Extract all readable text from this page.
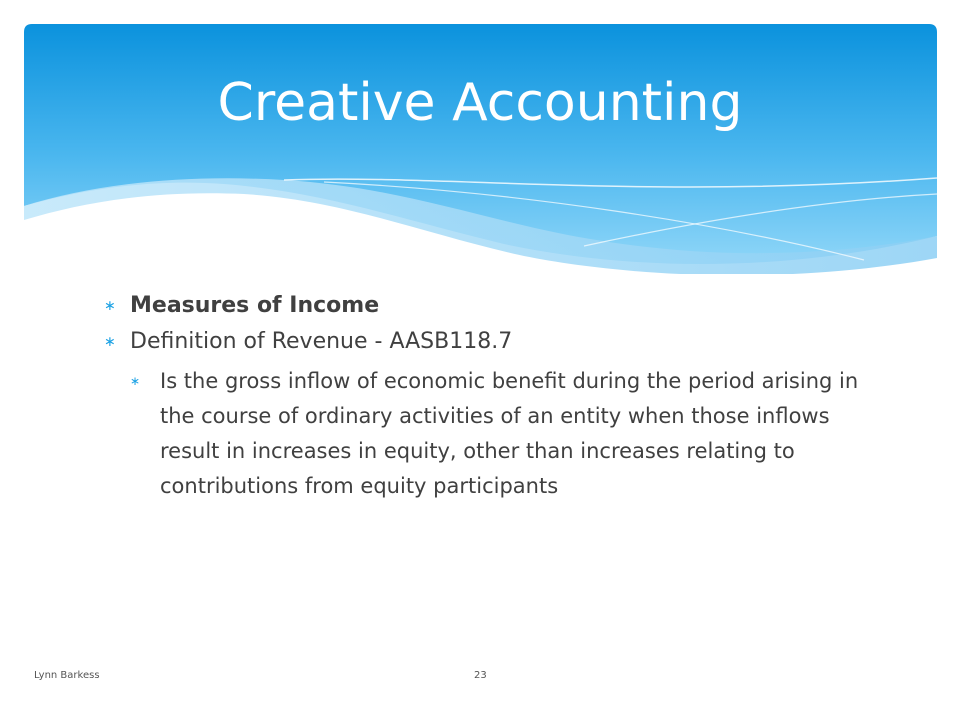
Creative Accounting
∗ Measures of Income
∗ Definition of Revenue - AASB118.7
∗ Is the gross inflow of economic benefit during the period arising in the course of ordinary activities of an entity when those inflows result in increases in equity, other than increases relating to contributions from equity participants
Lynn Barkess	23
